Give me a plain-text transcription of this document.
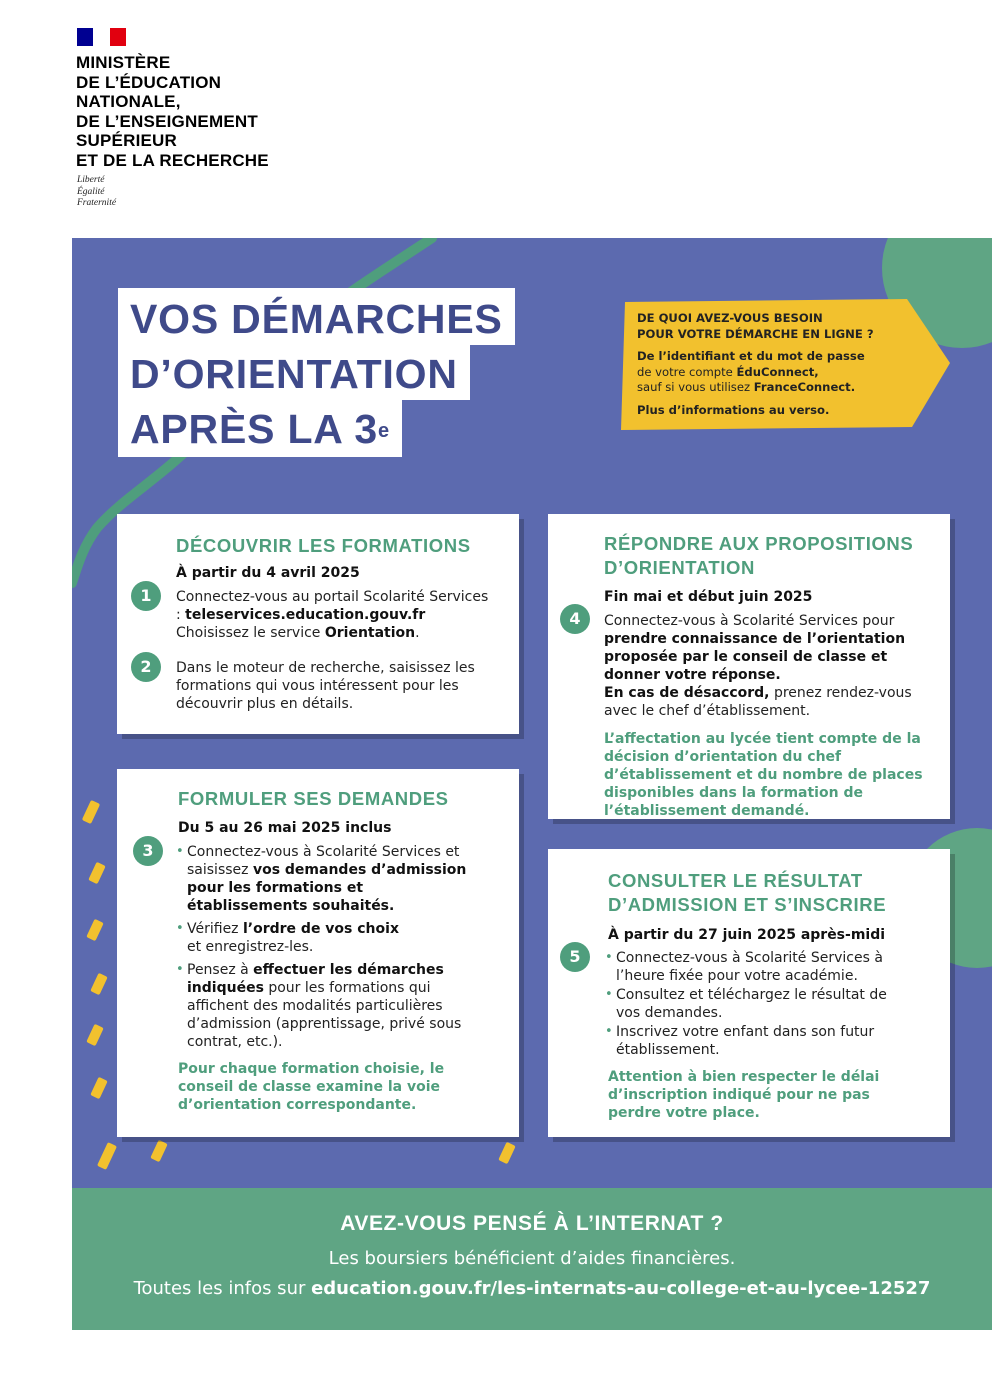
MINISTÈRE
DE L’ÉDUCATION
NATIONALE,
DE L’ENSEIGNEMENT
SUPÉRIEUR
ET DE LA RECHERCHE
Liberté
Égalité
Fraternité
VOS DÉMARCHES
D’ORIENTATION
APRÈS LA 3e

DE QUOI AVEZ-VOUS BESOIN
POUR VOTRE DÉMARCHE EN LIGNE ?

De l’identifiant et du mot de passe
de votre compte ÉduConnect,
sauf si vous utilisez FranceConnect.

Plus d’informations au verso.

DÉCOUVRIR LES FORMATIONS

À partir du 4 avril 2025

1	Connectez-vous au portail Scolarité Services : teleservices.education.gouv.fr
Choisissez le service Orientation.
2	Dans le moteur de recherche, saisissez les formations qui vous intéressent pour les découvrir plus en détails.
FORMULER SES DEMANDES

Du 5 au 26 mai 2025 inclus

3	• Connectez-vous à Scolarité Services et saisissez vos demandes d’admission pour les formations et établissements souhaités.
• Vérifiez l’ordre de vos choix
et enregistrez-les.
• Pensez à effectuer les démarches indiquées pour les formations qui affichent des modalités particulières d’admission (apprentissage, privé sous contrat, etc.).
Pour chaque formation choisie, le conseil de classe examine la voie d’orientation correspondante.
RÉPONDRE AUX PROPOSITIONS
D’ORIENTATION

Fin mai et début juin 2025

4	Connectez-vous à Scolarité Services pour prendre connaissance de l’orientation proposée par le conseil de classe et donner votre réponse.
En cas de désaccord, prenez rendez-vous avec le chef d’établissement.
L’affectation au lycée tient compte de la décision d’orientation du chef d’établissement et du nombre de places disponibles dans la formation de l’établissement demandé.
CONSULTER LE RÉSULTAT
D’ADMISSION ET S’INSCRIRE

À partir du 27 juin 2025 après-midi

5	• Connectez-vous à Scolarité Services à l’heure fixée pour votre académie.
• Consultez et téléchargez le résultat de vos demandes.
• Inscrivez votre enfant dans son futur établissement.
Attention à bien respecter le délai d’inscription indiqué pour ne pas perdre votre place.
AVEZ-VOUS PENSÉ À L’INTERNAT ?
Les boursiers bénéficient d’aides financières.
Toutes les infos sur education.gouv.fr/les-internats-au-college-et-au-lycee-12527
